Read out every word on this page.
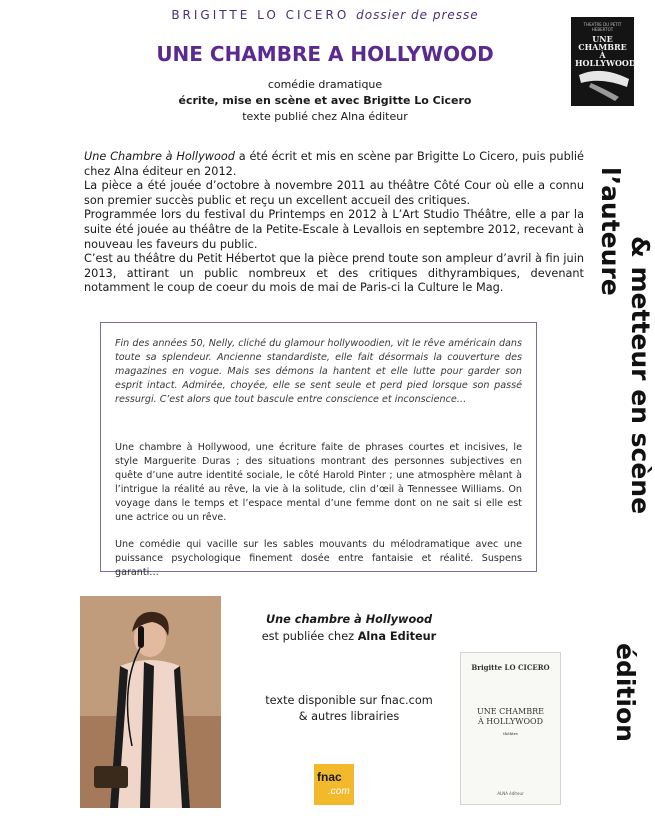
BRIGITTE LO CICERO dossier de presse
UNE CHAMBRE A HOLLYWOOD
comédie dramatique
écrite, mise en scène et avec Brigitte Lo Cicero
texte publié chez Alna éditeur
THEATRE DU PETIT HEBERTOT
UNE
CHAMBRE
À HOLLYWOOD

Une Chambre à Hollywood a été écrit et mis en scène par Brigitte Lo Cicero, puis publié chez Alna éditeur en 2012.

La pièce a été jouée d’octobre à novembre 2011 au théâtre Côté Cour où elle a connu son premier succès public et reçu un excellent accueil des critiques.

Programmée lors du festival du Printemps en 2012 à L’Art Studio Théâtre, elle a par la suite été jouée au théâtre de la Petite-Escale à Levallois en septembre 2012, recevant à nouveau les faveurs du public.

C’est au théâtre du Petit Hébertot que la pièce prend toute son ampleur d’avril à fin juin 2013, attirant un public nombreux et des critiques dithyrambiques, devenant notamment le coup de coeur du mois de mai de Paris-ci la Culture le Mag.	l’auteure
& metteur en scène
édition

Fin des années 50, Nelly, cliché du glamour hollywoodien, vit le rêve américain dans toute sa splendeur. Ancienne standardiste, elle fait désormais la couverture des magazines en vogue. Mais ses démons la hantent et elle lutte pour garder son esprit intact. Admirée, choyée, elle se sent seule et perd pied lorsque son passé ressurgi. C’est alors que tout bascule entre conscience et inconscience…

Une chambre à Hollywood, une écriture faite de phrases courtes et incisives, le style Marguerite Duras ; des situations montrant des personnes subjectives en quête d’une autre identité sociale, le côté Harold Pinter ; une atmosphère mêlant à l’intrigue la réalité au rêve, la vie à la solitude, clin d’œil à Tennessee Williams. On voyage dans le temps et l’espace mental d’une femme dont on ne sait si elle est une actrice ou un rêve.

Une comédie qui vacille sur les sables mouvants du mélodramatique avec une puissance psychologique finement dosée entre fantaisie et réalité. Suspens garanti…

Une chambre à Hollywood
est publiée chez Alna Editeur
texte disponible sur fnac.com
& autres librairies
fnac
.com
Brigitte LO CICERO
UNE CHAMBRE
À HOLLYWOOD
théâtre
ALNA éditeur
